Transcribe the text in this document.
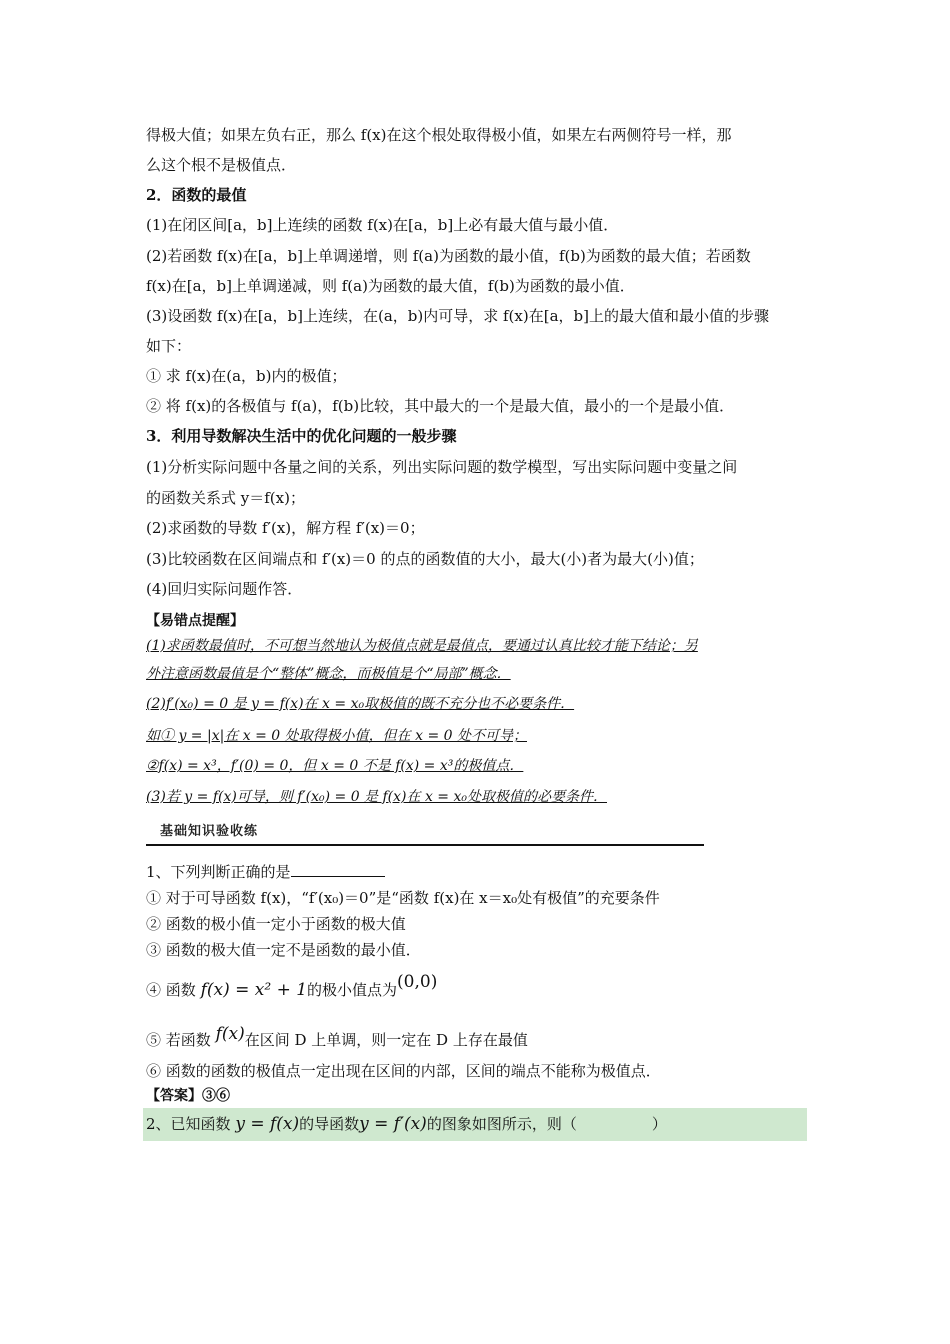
得极大值；如果左负右正，那么 f(x)在这个根处取得极小值，如果左右两侧符号一样，那
么这个根不是极值点．
2．函数的最值
(1)在闭区间[a，b]上连续的函数 f(x)在[a，b]上必有最大值与最小值．
(2)若函数 f(x)在[a，b]上单调递增，则 f(a)为函数的最小值，f(b)为函数的最大值；若函数
f(x)在[a，b]上单调递减，则 f(a)为函数的最大值，f(b)为函数的最小值．
(3)设函数 f(x)在[a，b]上连续，在(a，b)内可导，求 f(x)在[a，b]上的最大值和最小值的步骤
如下：
① 求 f(x)在(a，b)内的极值；
② 将 f(x)的各极值与 f(a)，f(b)比较，其中最大的一个是最大值，最小的一个是最小值．
3．利用导数解决生活中的优化问题的一般步骤
(1)分析实际问题中各量之间的关系，列出实际问题的数学模型，写出实际问题中变量之间
的函数关系式 y＝f(x)；
(2)求函数的导数 f′(x)，解方程 f′(x)＝0；
(3)比较函数在区间端点和 f′(x)＝0 的点的函数值的大小，最大(小)者为最大(小)值；
(4)回归实际问题作答．
【易错点提醒】
(1)求函数最值时，不可想当然地认为极值点就是最值点，要通过认真比较才能下结论；另
外注意函数最值是个“整体”概念，而极值是个“局部”概念．
(2)f′(x₀) = 0 是 y = f(x)在 x = x₀取极值的既不充分也不必要条件．
如① y = |x|在 x = 0 处取得极小值，但在 x = 0 处不可导；
②f(x) = x³，f′(0) = 0，但 x = 0 不是 f(x) = x³的极值点．
(3)若 y = f(x)可导，则 f′(x₀) = 0 是 f(x)在 x = x₀处取极值的必要条件．
基础知识验收练
1、下列判断正确的是
① 对于可导函数 f(x)，“f′(x₀)＝0”是“函数 f(x)在 x＝x₀处有极值”的充要条件
② 函数的极小值一定小于函数的极大值
③ 函数的极大值一定不是函数的最小值．
④ 函数 f(x) = x² + 1的极小值点为(0,0)
⑤ 若函数 f(x)在区间 D 上单调，则一定在 D 上存在最值
⑥ 函数的函数的极值点一定出现在区间的内部，区间的端点不能称为极值点．
【答案】③⑥
2、已知函数 y = f(x)的导函数y = f′(x)的图象如图所示，则（　　　　　）
